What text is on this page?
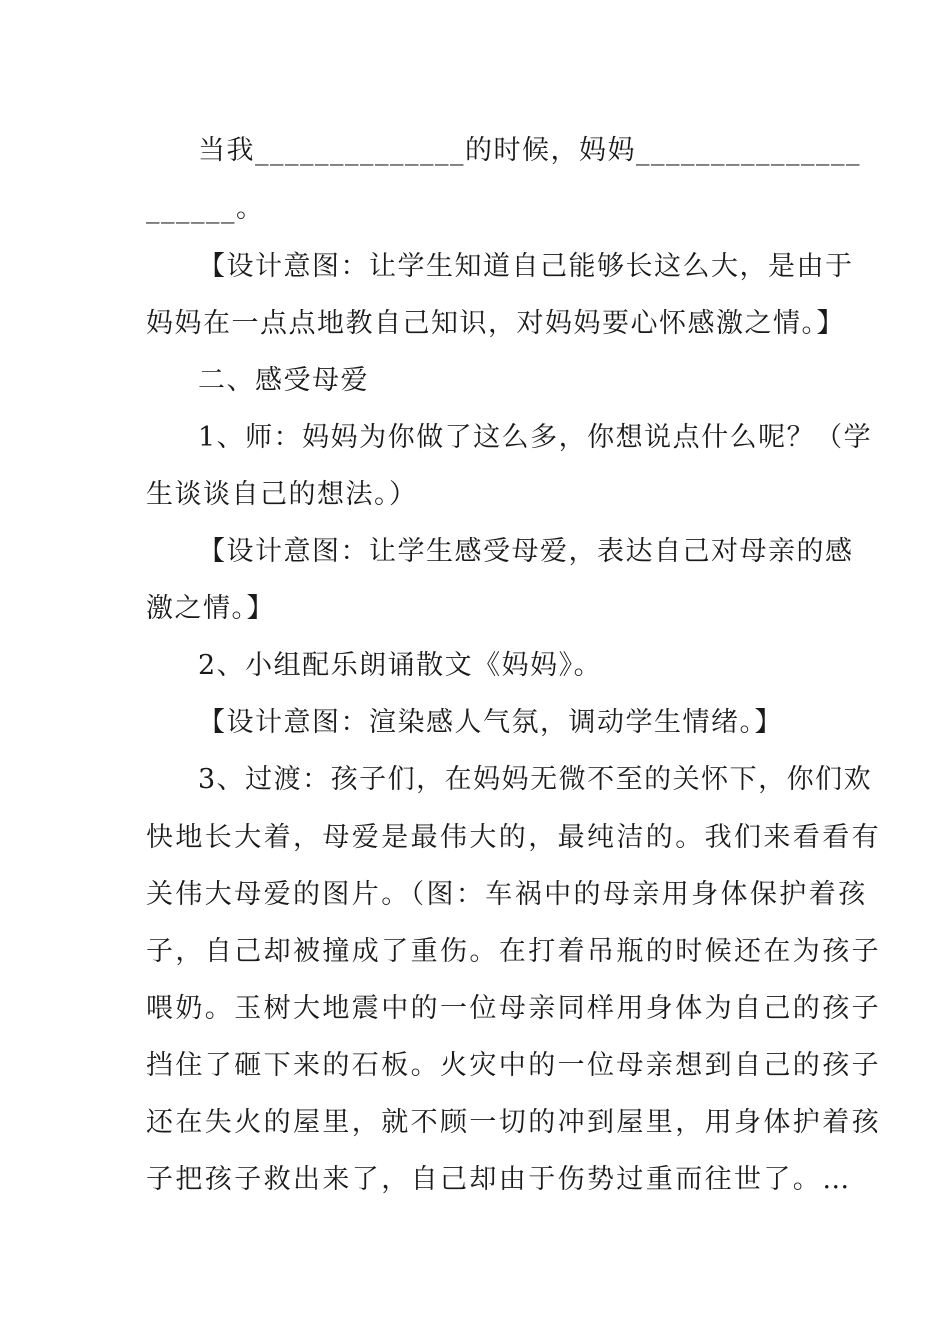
当我______________的时候，妈妈_______________
______。
【设计意图：让学生知道自己能够长这么大，是由于
妈妈在一点点地教自己知识，对妈妈要心怀感激之情。】
二、感受母爱
1、师：妈妈为你做了这么多，你想说点什么呢？（学
生谈谈自己的想法。）
【设计意图：让学生感受母爱，表达自己对母亲的感
激之情。】
2、小组配乐朗诵散文《妈妈》。
【设计意图：渲染感人气氛，调动学生情绪。】
3、过渡：孩子们，在妈妈无微不至的关怀下，你们欢
快地长大着，母爱是最伟大的，最纯洁的。我们来看看有
关伟大母爱的图片。（图：车祸中的母亲用身体保护着孩
子，自己却被撞成了重伤。在打着吊瓶的时候还在为孩子
喂奶。玉树大地震中的一位母亲同样用身体为自己的孩子
挡住了砸下来的石板。火灾中的一位母亲想到自己的孩子
还在失火的屋里，就不顾一切的冲到屋里，用身体护着孩
子把孩子救出来了，自己却由于伤势过重而往世了。…
